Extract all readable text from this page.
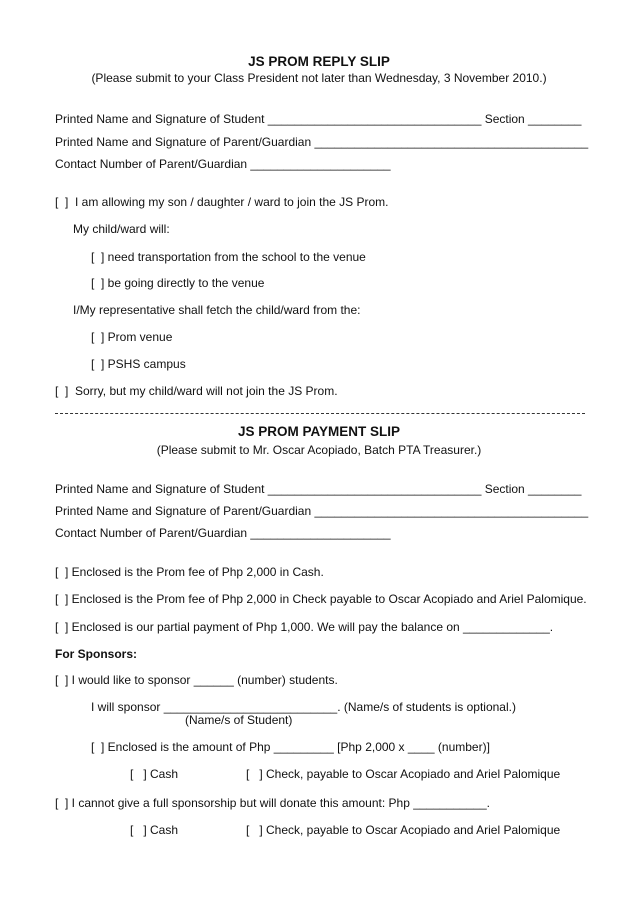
JS PROM REPLY SLIP
(Please submit to your Class President not later than Wednesday, 3 November 2010.)
Printed Name and Signature of Student ________________________________ Section ________
Printed Name and Signature of Parent/Guardian _________________________________________
Contact Number of Parent/Guardian _____________________
[  ]  I am allowing my son / daughter / ward to join the JS Prom.
My child/ward will:
[  ] need transportation from the school to the venue
[  ] be going directly to the venue
I/My representative shall fetch the child/ward from the:
[  ] Prom venue
[  ] PSHS campus
[  ]  Sorry, but my child/ward will not join the JS Prom.
JS PROM PAYMENT SLIP
(Please submit to Mr. Oscar Acopiado, Batch PTA Treasurer.)
Printed Name and Signature of Student ________________________________ Section ________
Printed Name and Signature of Parent/Guardian _________________________________________
Contact Number of Parent/Guardian _____________________
[  ] Enclosed is the Prom fee of Php 2,000 in Cash.
[  ] Enclosed is the Prom fee of Php 2,000 in Check payable to Oscar Acopiado and Ariel Palomique.
[  ] Enclosed is our partial payment of Php 1,000. We will pay the balance on _____________.
For Sponsors:
[  ] I would like to sponsor ______ (number) students.
I will sponsor __________________________. (Name/s of students is optional.)
(Name/s of Student)
[  ] Enclosed is the amount of Php _________ [Php 2,000 x ____ (number)]
[   ] Cash	[   ] Check, payable to Oscar Acopiado and Ariel Palomique
[  ] I cannot give a full sponsorship but will donate this amount: Php ___________.
[   ] Cash	[   ] Check, payable to Oscar Acopiado and Ariel Palomique
